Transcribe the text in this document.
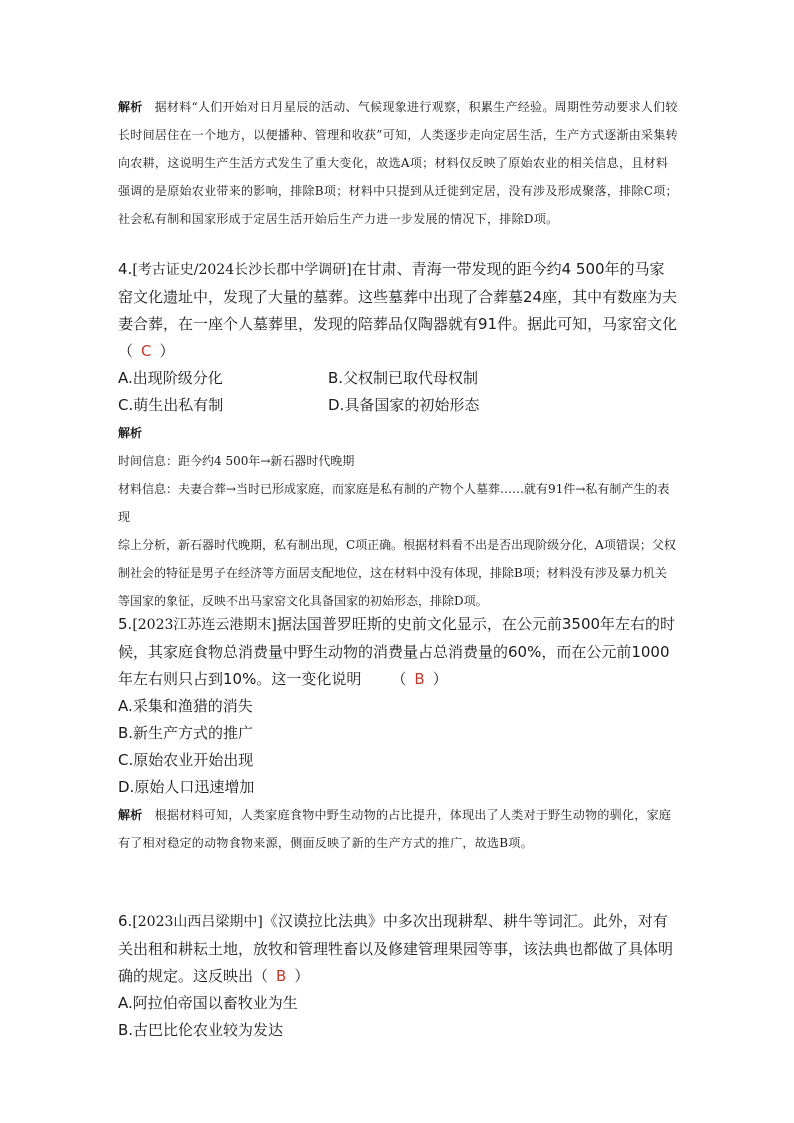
解析 据材料“人们开始对日月星辰的活动、气候现象进行观察，积累生产经验。周期性劳动要求人们较长时间居住在一个地方，以便播种、管理和收获”可知，人类逐步走向定居生活，生产方式逐渐由采集转向农耕，这说明生产生活方式发生了重大变化，故选A项；材料仅反映了原始农业的相关信息，且材料强调的是原始农业带来的影响，排除B项；材料中只提到从迁徙到定居，没有涉及形成聚落，排除C项；社会私有制和国家形成于定居生活开始后生产力进一步发展的情况下，排除D项。

4.[考古证史/2024长沙长郡中学调研]在甘肃、青海一带发现的距今约4 500年的马家窑文化遗址中，发现了大量的墓葬。这些墓葬中出现了合葬墓24座，其中有数座为夫妻合葬，在一座个人墓葬里，发现的陪葬品仅陶器就有91件。据此可知，马家窑文化（ C ）

A.出现阶级分化	B.父权制已取代母权制
C.萌生出私有制	D.具备国家的初始形态

解析

时间信息：距今约4 500年→新石器时代晚期

材料信息：夫妻合葬→当时已形成家庭，而家庭是私有制的产物个人墓葬……就有91件→私有制产生的表现

综上分析，新石器时代晚期，私有制出现，C项正确。根据材料看不出是否出现阶级分化，A项错误；父权制社会的特征是男子在经济等方面居支配地位，这在材料中没有体现，排除B项；材料没有涉及暴力机关等国家的象征，反映不出马家窑文化具备国家的初始形态，排除D项。

5.[2023江苏连云港期末]据法国普罗旺斯的史前文化显示，在公元前3500年左右的时候，其家庭食物总消费量中野生动物的消费量占总消费量的60%，而在公元前1000年左右则只占到10%。这一变化说明 （ B ）

A.采集和渔猎的消失

B.新生产方式的推广

C.原始农业开始出现

D.原始人口迅速增加

解析 根据材料可知，人类家庭食物中野生动物的占比提升，体现出了人类对于野生动物的驯化，家庭有了相对稳定的动物食物来源，侧面反映了新的生产方式的推广，故选B项。

6.[2023山西吕梁期中]《汉谟拉比法典》中多次出现耕犁、耕牛等词汇。此外，对有关出租和耕耘土地，放牧和管理牲畜以及修建管理果园等事，该法典也都做了具体明确的规定。这反映出（ B ）

A.阿拉伯帝国以畜牧业为生

B.古巴比伦农业较为发达
